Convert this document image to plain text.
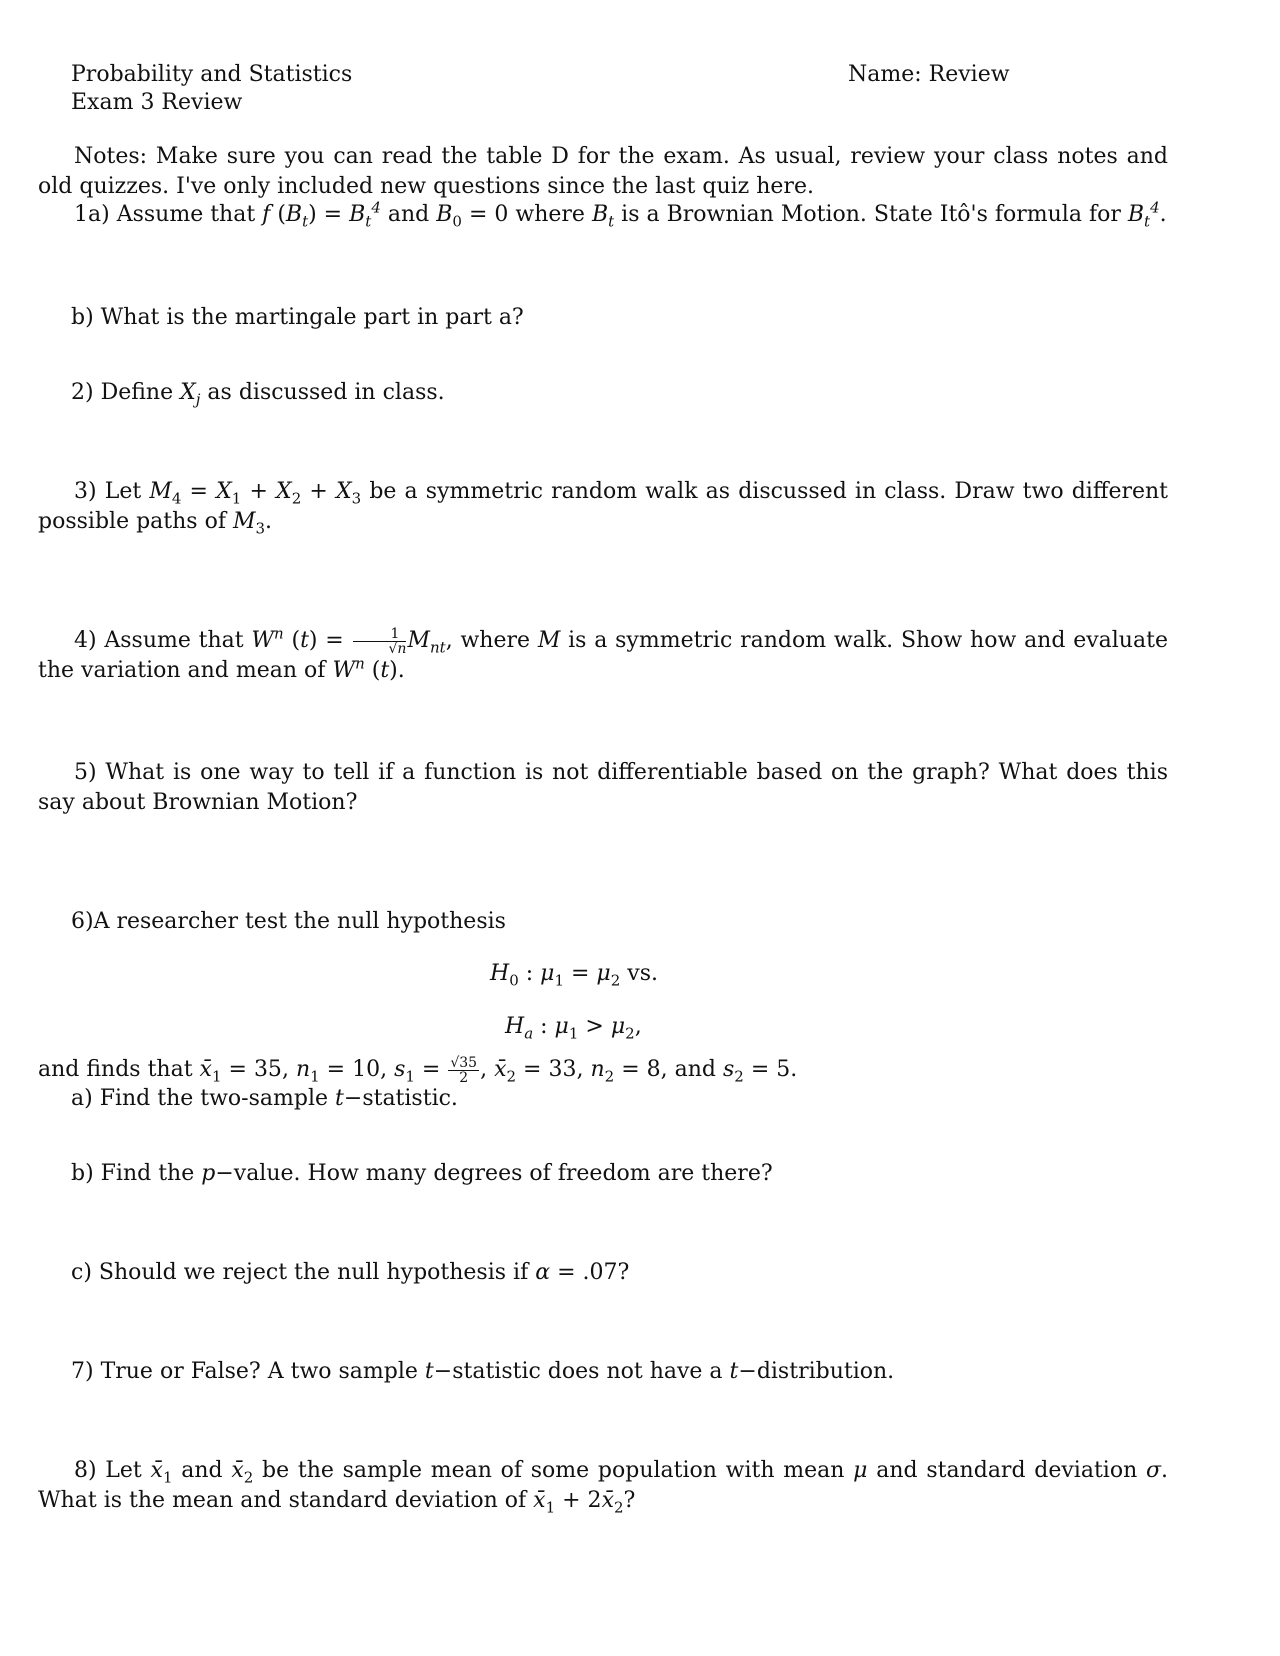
Probability and Statistics
Exam 3 Review
Name: Review
Notes: Make sure you can read the table D for the exam. As usual, review your class notes and old quizzes. I've only included new questions since the last quiz here.
1a) Assume that f $(B_t) = B_t^4$ and $B_0 = 0$ where $B_t$ is a Brownian Motion. State Itô's formula for $B_t^4$.
b) What is the martingale part in part a?
2) Define $X_j$ as discussed in class.
3) Let $M_4 = X_1 + X_2 + X_3$ be a symmetric random walk as discussed in class. Draw two different possible paths of $M_3$.
4) Assume that $W^n$ $(t) = \frac{1}{√n} M_{nt}$, where M is a symmetric random walk. Show how and evaluate the variation and mean of $W^n$ (t).
5) What is one way to tell if a function is not differentiable based on the graph? What does this say about Brownian Motion?
6)A researcher test the null hypothesis
$H_0$ : $\mu_1 = \mu_2$ vs.
$H_a$ : $\mu_1 > \mu_2$,
and finds that $x̄_1 = 35$, $n_1 = 10$, $s_1 = \frac{√35}{2}$ , $x̄_2 = 33$, $n_2 = 8$, and $s_2 = 5$.
a) Find the two-sample t−statistic.
b) Find the p−value. How many degrees of freedom are there?
c) Should we reject the null hypothesis if α = .07?
7) True or False? A two sample t−statistic does not have a t−distribution.
8) Let $x̄_1$ and $x̄_2$ be the sample mean of some population with mean μ and standard deviation σ. What is the mean and standard deviation of $x̄_1$ + $2x̄_2$?
